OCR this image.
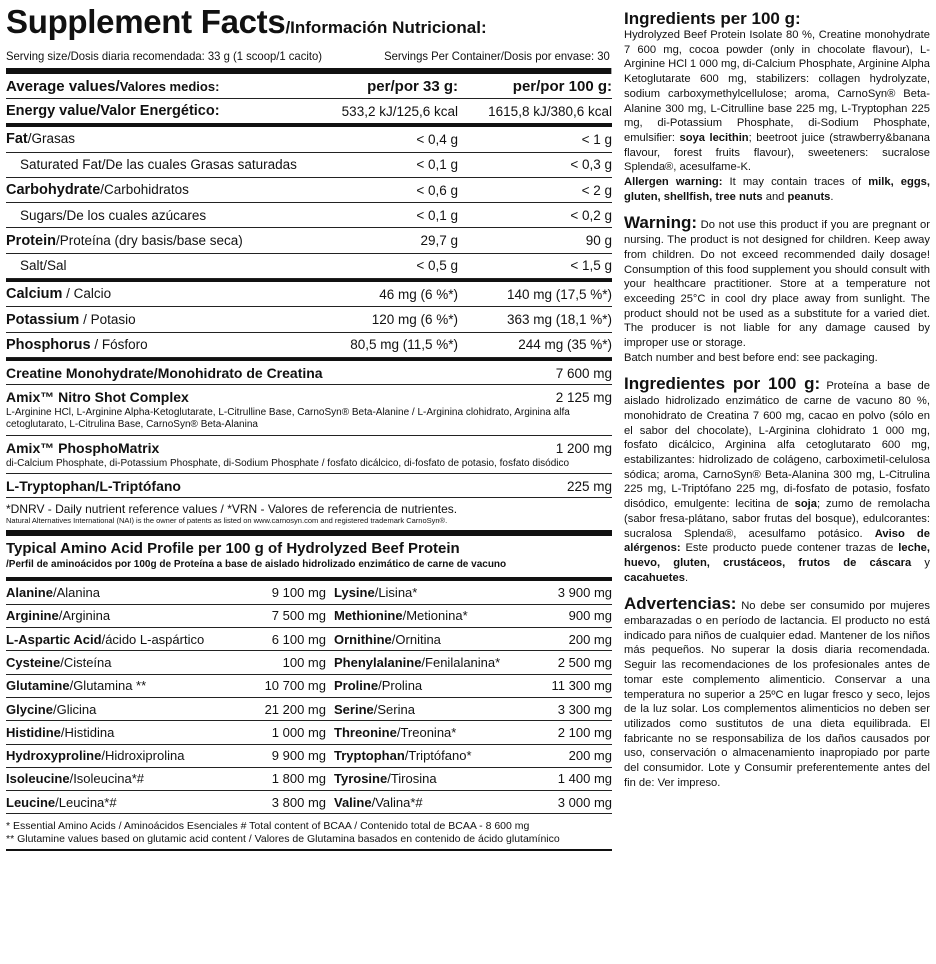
Supplement Facts/Información Nutricional:
Serving size/Dosis diaria recomendada: 33 g (1 scoop/1 cacito)	Servings Per Container/Dosis por envase: 30
Average values/Valores medios:	per/por 33 g:	per/por 100 g:
Energy value/Valor Energético:	533,2 kJ/125,6 kcal	1615,8 kJ/380,6 kcal
Fat/Grasas	< 0,4 g	< 1 g
Saturated Fat/De las cuales Grasas saturadas	< 0,1 g	< 0,3 g
Carbohydrate/Carbohidratos	< 0,6 g	< 2 g
Sugars/De los cuales azúcares	< 0,1 g	< 0,2 g
Protein/Proteína (dry basis/base seca)	29,7 g	90 g
Salt/Sal	< 0,5 g	< 1,5 g
Calcium / Calcio	46 mg (6 %*)	140 mg (17,5 %*)
Potassium / Potasio	120 mg (6 %*)	363 mg (18,1 %*)
Phosphorus / Fósforo	80,5 mg (11,5 %*)	244 mg (35 %*)
Creatine Monohydrate/Monohidrato de Creatina	7 600 mg
Amix™ Nitro Shot Complex	2 125 mg
L-Arginine HCl, L-Arginine Alpha-Ketoglutarate, L-Citrulline Base, CarnoSyn® Beta-Alanine / L-Arginina clohidrato, Arginina alfa cetoglutarato, L-Citrulina Base, CarnoSyn® Beta-Alanina
Amix™ PhosphoMatrix	1 200 mg
di-Calcium Phosphate, di-Potassium Phosphate, di-Sodium Phosphate / fosfato dicálcico, di-fosfato de potasio, fosfato disódico
L-Tryptophan/L-Triptófano	225 mg
*DNRV - Daily nutrient reference values / *VRN - Valores de referencia de nutrientes.
Natural Alternatives International (NAI) is the owner of patents as listed on www.carnosyn.com and registered trademark CarnoSyn®.
Typical Amino Acid Profile per 100 g of Hydrolyzed Beef Protein
/Perfil de aminoácidos por 100g de Proteína a base de aislado hidrolizado enzimático de carne de vacuno
Alanine/Alanina	9 100 mg Lysine/Lisina*	3 900 mg
Arginine/Arginina	7 500 mg Methionine/Metionina*	900 mg
L-Aspartic Acid/ácido L-aspártico	6 100 mg Ornithine/Ornitina	200 mg
Cysteine/Cisteína	100 mg Phenylalanine/Fenilalanina*	2 500 mg
Glutamine/Glutamina **	10 700 mg Proline/Prolina	11 300 mg
Glycine/Glicina	21 200 mg Serine/Serina	3 300 mg
Histidine/Histidina	1 000 mg Threonine/Treonina*	2 100 mg
Hydroxyproline/Hidroxiprolina	9 900 mg Tryptophan/Triptófano*	200 mg
Isoleucine/Isoleucina*#	1 800 mg Tyrosine/Tirosina	1 400 mg
Leucine/Leucina*#	3 800 mg Valine/Valina*#	3 000 mg
* Essential Amino Acids / Aminoácidos Esenciales # Total content of BCAA / Contenido total de BCAA - 8 600 mg
** Glutamine values based on glutamic acid content / Valores de Glutamina basados en contenido de ácido glutamínico
Ingredients per 100 g:
Hydrolyzed Beef Protein Isolate 80 %, Creatine monohydrate 7 600 mg, cocoa powder (only in chocolate flavour), L-Arginine HCl 1 000 mg, di-Calcium Phosphate, Arginine Alpha Ketoglutarate 600 mg, stabilizers: collagen hydrolyzate, sodium carboxymethylcellulose; aroma, CarnoSyn® Beta-Alanine 300 mg, L-Citrulline base 225 mg, L-Tryptophan 225 mg, di-Potassium Phosphate, di-Sodium Phosphate, emulsifier: soya lecithin; beetroot juice (strawberry&banana flavour, forest fruits flavour), sweeteners: sucralose Splenda®, acesulfame-K.
Allergen warning: It may contain traces of milk, eggs, gluten, shellfish, tree nuts and peanuts.
Warning: Do not use this product if you are pregnant or nursing. The product is not designed for children. Keep away from children. Do not exceed recommended daily dosage! Consumption of this food supplement you should consult with your healthcare practitioner. Store at a temperature not exceeding 25°C in cool dry place away from sunlight. The product should not be used as a substitute for a varied diet. The producer is not liable for any damage caused by improper use or storage.
Batch number and best before end: see packaging.
Ingredientes por 100 g: Proteína a base de aislado hidrolizado enzimático de carne de vacuno 80 %, monohidrato de Creatina 7 600 mg, cacao en polvo (sólo en el sabor del chocolate), L-Arginina clohidrato 1 000 mg, fosfato dicálcico, Arginina alfa cetoglutarato 600 mg, estabilizantes: hidrolizado de colágeno, carboximetil-celulosa sódica; aroma, CarnoSyn® Beta-Alanina 300 mg, L-Citrulina 225 mg, L-Triptófano 225 mg, di-fosfato de potasio, fosfato disódico, emulgente: lecitina de soja; zumo de remolacha (sabor fresa-plátano, sabor frutas del bosque), edulcorantes: sucralosa Splenda®, acesulfamo potásico. Aviso de alérgenos: Este producto puede contener trazas de leche, huevo, gluten, crustáceos, frutos de cáscara y cacahuetes.
Advertencias: No debe ser consumido por mujeres embarazadas o en período de lactancia. El producto no está indicado para niños de cualquier edad. Mantener de los niños más pequeños. No superar la dosis diaria recomendada. Seguir las recomendaciones de los profesionales antes de tomar este complemento alimenticio. Conservar a una temperatura no superior a 25ºC en lugar fresco y seco, lejos de la luz solar. Los complementos alimenticios no deben ser utilizados como sustitutos de una dieta equilibrada. El fabricante no se responsabiliza de los daños causados por uso, conservación o almacenamiento inapropiado por parte del consumidor. Lote y Consumir preferentemente antes del fin de: Ver impreso.
